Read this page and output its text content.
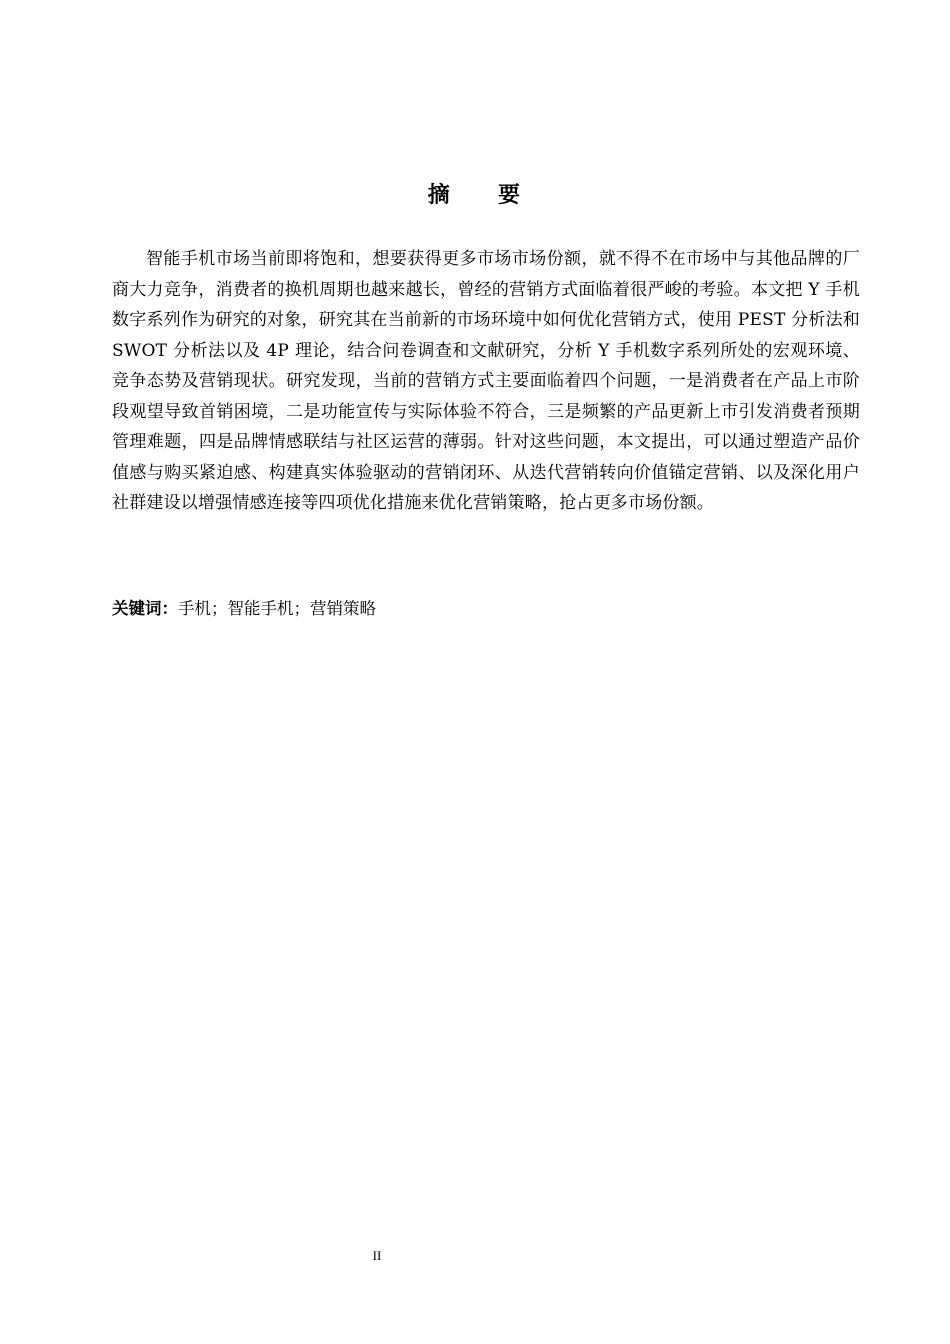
摘 要

智能手机市场当前即将饱和，想要获得更多市场市场份额，就不得不在市场中与其他品牌的厂商大力竞争，消费者的换机周期也越来越长，曾经的营销方式面临着很严峻的考验。本文把 Y 手机数字系列作为研究的对象，研究其在当前新的市场环境中如何优化营销方式，使用 PEST 分析法和 SWOT 分析法以及 4P 理论，结合问卷调查和文献研究，分析 Y 手机数字系列所处的宏观环境、竞争态势及营销现状。研究发现，当前的营销方式主要面临着四个问题，一是消费者在产品上市阶段观望导致首销困境，二是功能宣传与实际体验不符合，三是频繁的产品更新上市引发消费者预期管理难题，四是品牌情感联结与社区运营的薄弱。针对这些问题，本文提出，可以通过塑造产品价值感与购买紧迫感、构建真实体验驱动的营销闭环、从迭代营销转向价值锚定营销、以及深化用户社群建设以增强情感连接等四项优化措施来优化营销策略，抢占更多市场份额。

关键词：手机；智能手机；营销策略

II
